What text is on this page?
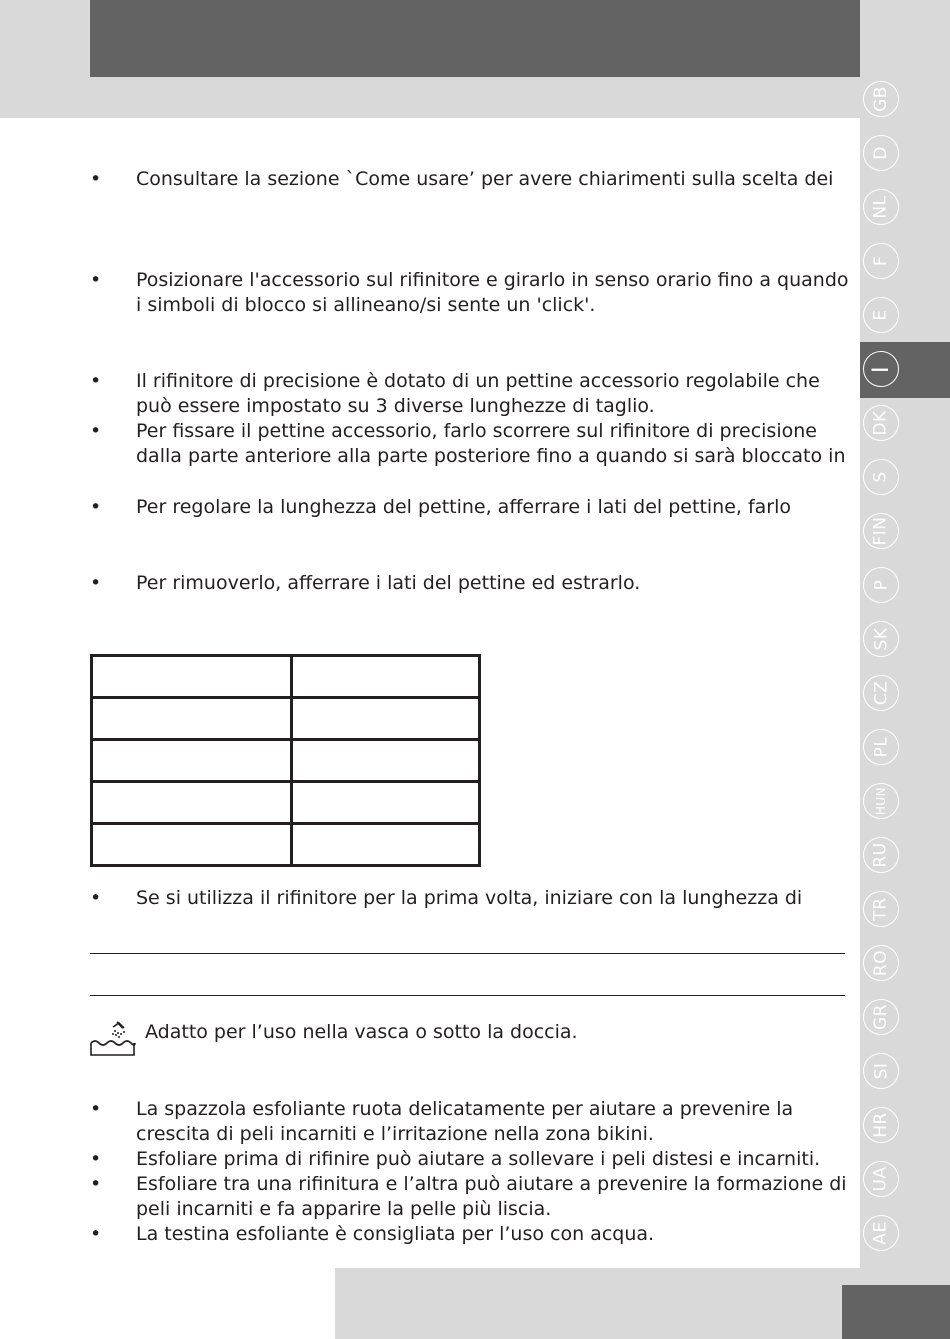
GB
D
NL
F
E
I
DK
S
FIN
P
SK
CZ
PL
HUN
RU
TR
RO
GR
SI
HR
UA
AE
• Consultare la sezione `Come usare’ per avere chiarimenti sulla scelta dei
• Posizionare l'accessorio sul rifinitore e girarlo in senso orario fino a quando i simboli di blocco si allineano/si sente un 'click'.
• Il rifinitore di precisione è dotato di un pettine accessorio regolabile che può essere impostato su 3 diverse lunghezze di taglio.
• Per fissare il pettine accessorio, farlo scorrere sul rifinitore di precisione dalla parte anteriore alla parte posteriore fino a quando si sarà bloccato in
• Per regolare la lunghezza del pettine, afferrare i lati del pettine, farlo
• Per rimuoverlo, afferrare i lati del pettine ed estrarlo.

• Se si utilizza il rifinitore per la prima volta, iniziare con la lunghezza di
Adatto per l’uso nella vasca o sotto la doccia.
• La spazzola esfoliante ruota delicatamente per aiutare a prevenire la crescita di peli incarniti e l’irritazione nella zona bikini.
• Esfoliare prima di rifinire può aiutare a sollevare i peli distesi e incarniti.
• Esfoliare tra una rifinitura e l’altra può aiutare a prevenire la formazione di peli incarniti e fa apparire la pelle più liscia.
• La testina esfoliante è consigliata per l’uso con acqua.
